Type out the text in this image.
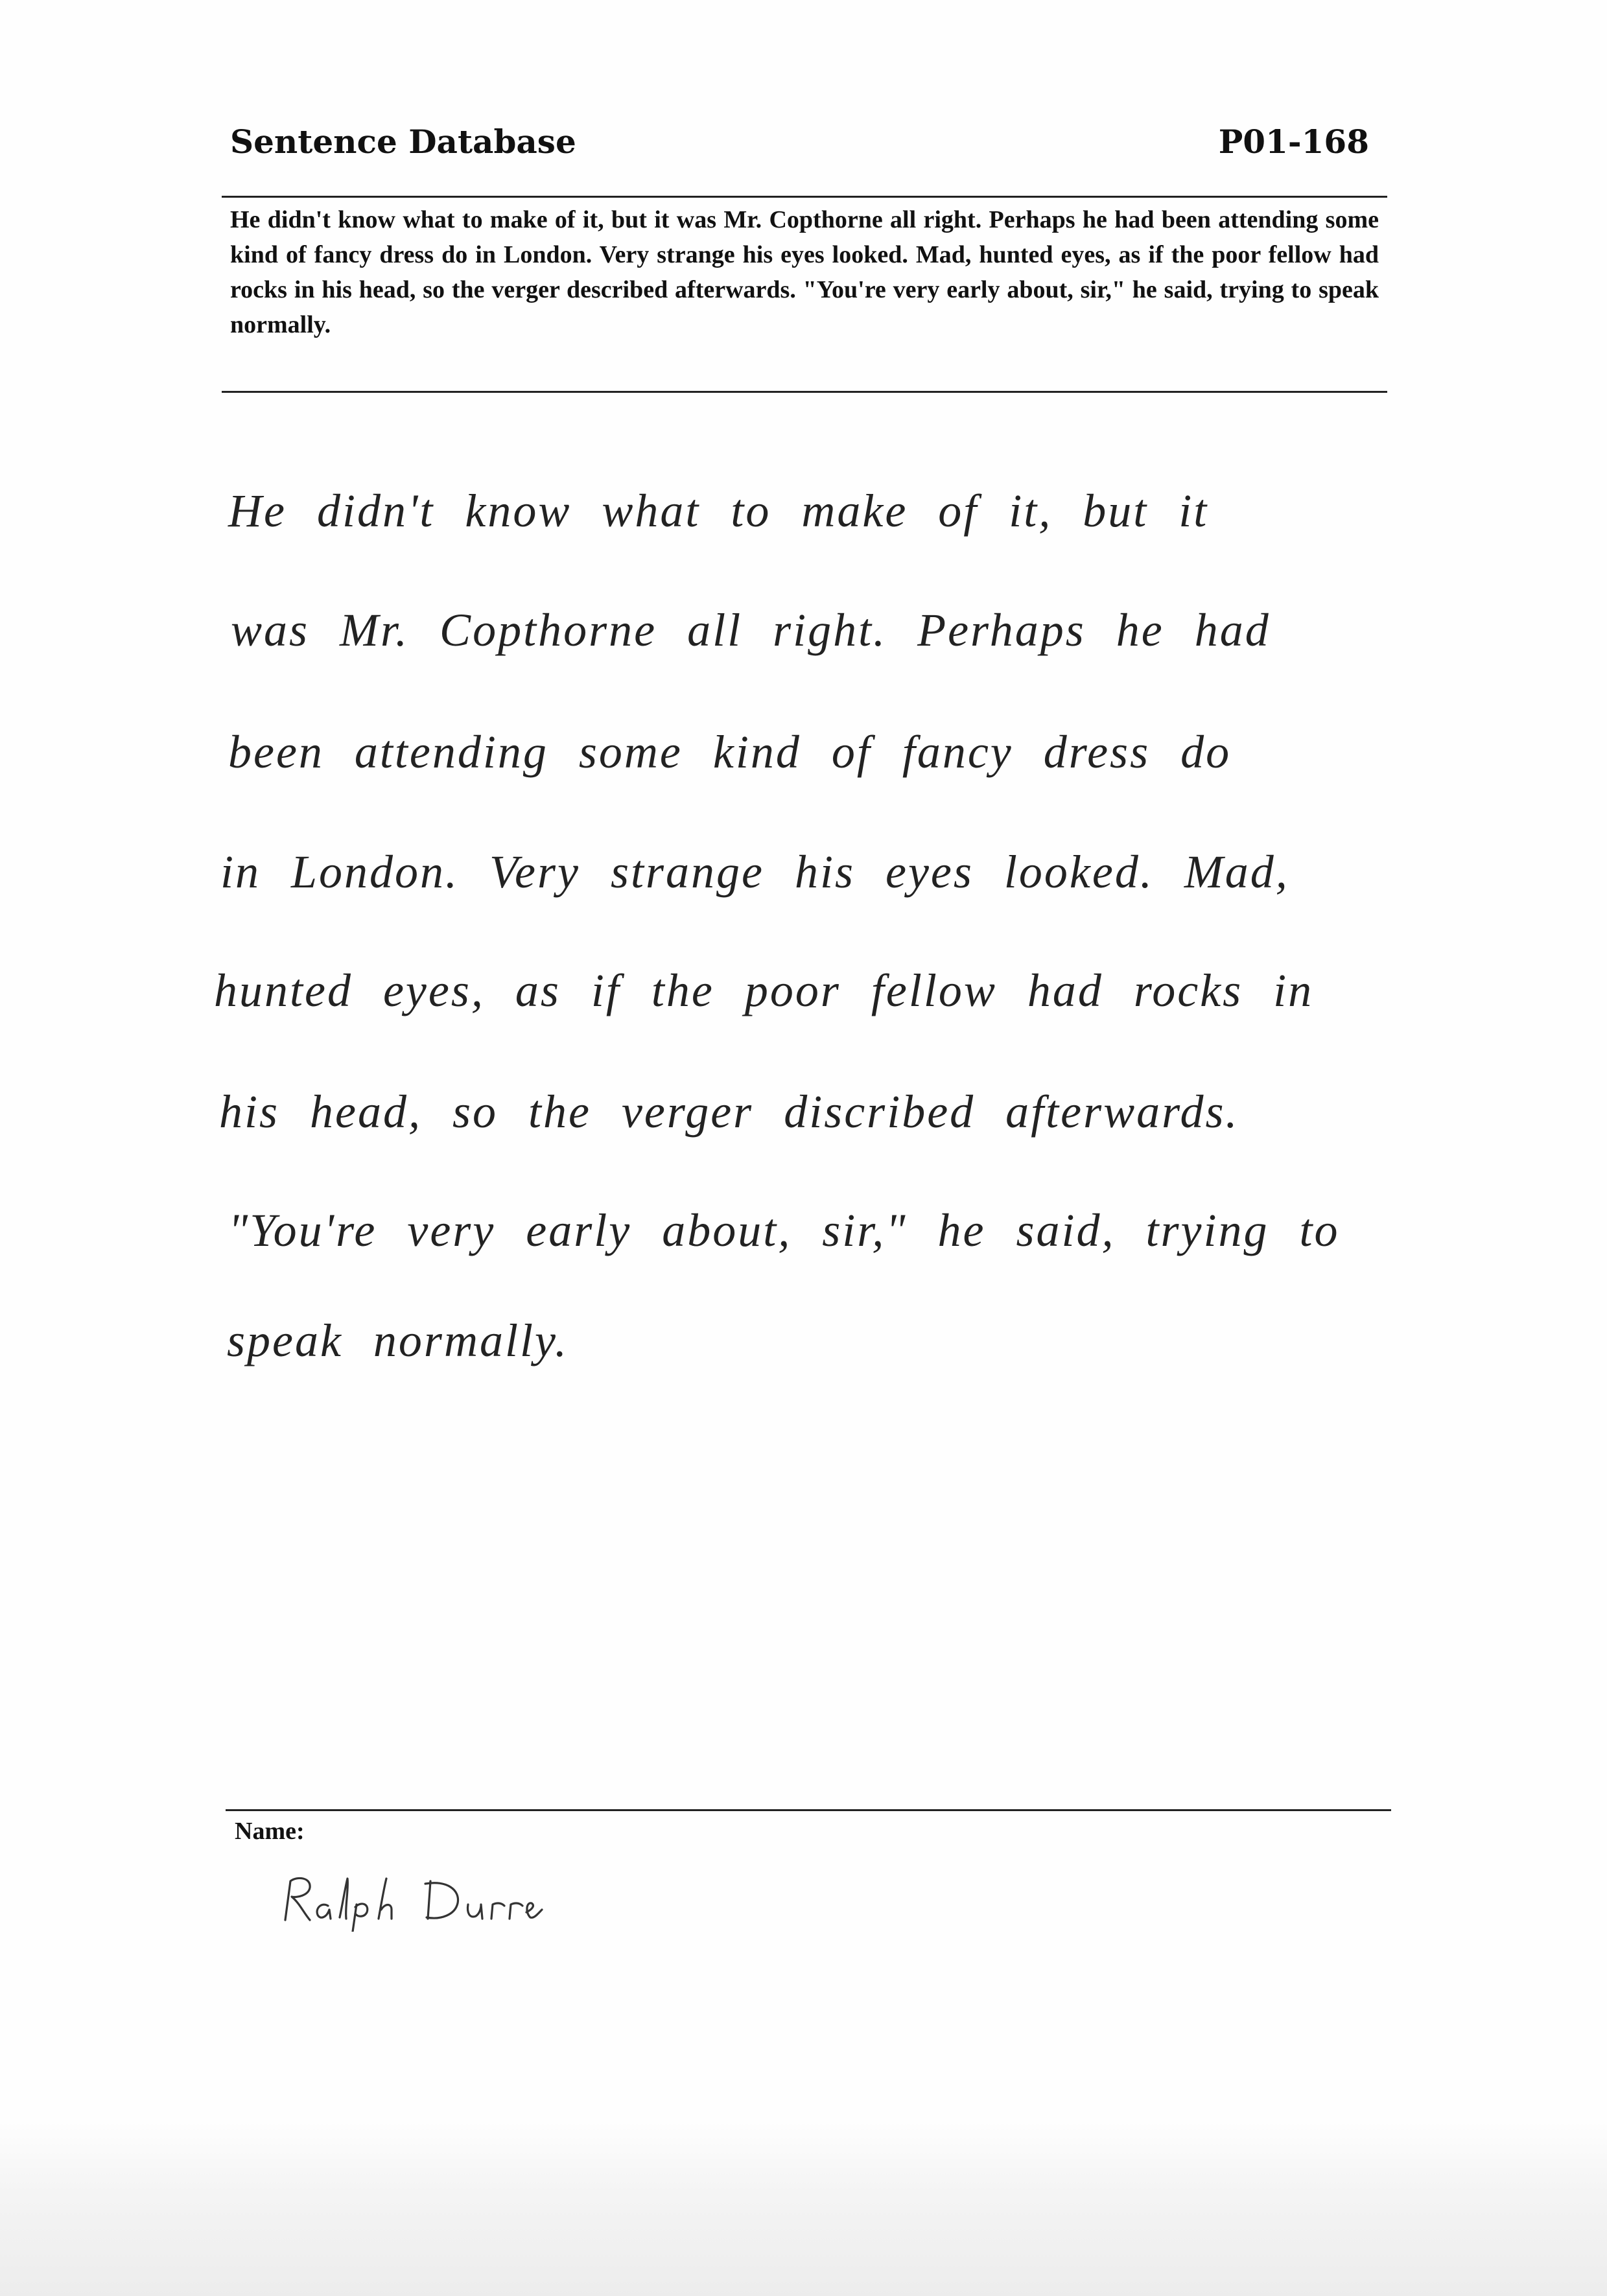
Sentence Database	P01-168
He didn't know what to make of it, but it was Mr. Copthorne all right. Perhaps he had been attending some kind of fancy dress do in London. Very strange his eyes looked. Mad, hunted eyes, as if the poor fellow had rocks in his head, so the verger described afterwards. "You're very early about, sir," he said, trying to speak normally.
He didn't know what to make of it, but it
was Mr. Copthorne all right. Perhaps he had
been attending some kind of fancy dress do
in London. Very strange his eyes looked. Mad,
hunted eyes, as if the poor fellow had rocks in
his head, so the verger discribed afterwards.
"You're very early about, sir," he said, trying to
speak normally.
Name:
